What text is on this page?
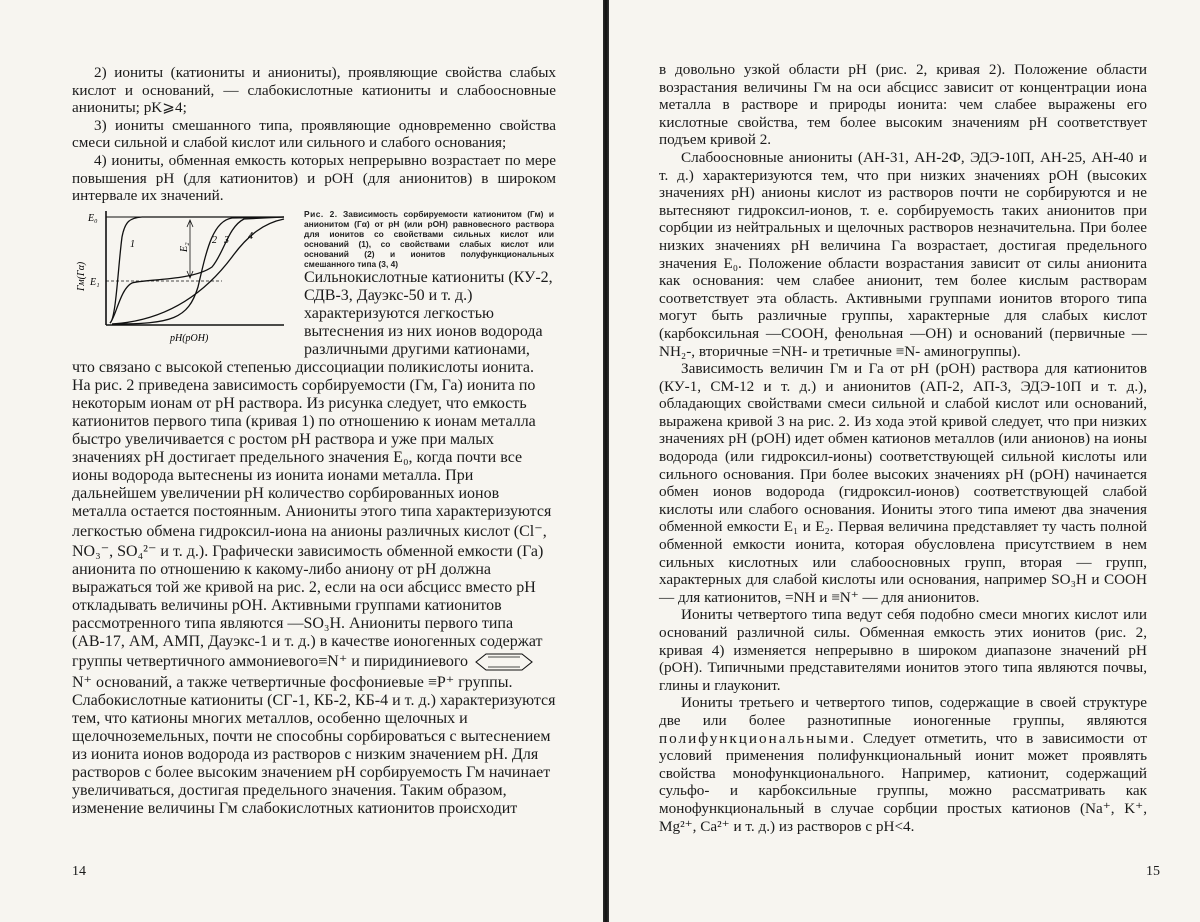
2) иониты (катиониты и аниониты), проявляющие свойства слабых кислот и оснований, — слабокислотные катиониты и слабоосновные аниониты; pK⩾4;

3) иониты смешанного типа, проявляющие одновременно свойства смеси сильной и слабой кислот или сильного и слабого основания;

4) иониты, обменная емкость которых непрерывно возрастает по мере повышения pH (для катионитов) и pOH (для анионитов) в широком интервале их значений.

E₀
E₁
E₂
1	2 3 4
Гм(Гα)
pH(pOH)

Рис. 2. Зависимость сорбируемости катионитом (Гм) и анионитом (Гα) от pH (или pOH) равновесного раствора для ионитов со свойствами сильных кислот или оснований (1), со свойствами слабых кислот или оснований (2) и ионитов полуфункциональных смешанного типа (3, 4)
Сильнокислотные катиониты (КУ-2, СДВ-3, Дауэкс-50 и т. д.) характеризуются легкостью вытеснения из них ионов водорода различными другими катионами, что связано с высокой степенью диссоциации поликислоты ионита. На рис. 2 приведена зависимость сорбируемости (Гм, Га) ионита по некоторым ионам от pH раствора. Из рисунка следует, что емкость катионитов первого типа (кривая 1) по отношению к ионам металла быстро увеличивается с ростом pH раствора и уже при малых значениях pH достигает предельного значения E₀, когда почти все ионы водорода вытеснены из ионита ионами металла. При дальнейшем увеличении pH количество сорбированных ионов металла остается постоянным. Аниониты этого типа характеризуются легкостью обмена гидроксил-иона на анионы различных кислот (Cl⁻, NO₃⁻, SO₄²⁻ и т. д.). Графически зависимость обменной емкости (Га) анионита по отношению к какому-либо аниону от pH должна выражаться той же кривой на рис. 2, если на оси абсцисс вместо pH откладывать величины pOH. Активными группами катионитов рассмотренного типа являются —SO₃H. Аниониты первого типа (АВ-17, АМ, АМП, Дауэкс-1 и т. д.) в качестве ионогенных содержат группы четвертичного аммониевого≡N⁺ и пиридиниевого N⁺ оснований, а также четвертичные фосфониевые ≡P⁺ группы. Слабокислотные катиониты (СГ-1, КБ-2, КБ-4 и т. д.) характеризуются тем, что катионы многих металлов, особенно щелочных и щелочноземельных, почти не способны сорбироваться с вытеснением из ионита ионов водорода из растворов с низким значением pH. Для растворов с более высоким значением pH сорбируемость Гм начинает увеличиваться, достигая предельного значения. Таким образом, изменение величины Гм слабокислотных катионитов происходит

14

в довольно узкой области pH (рис. 2, кривая 2). Положение области возрастания величины Гм на оси абсцисс зависит от концентрации иона металла в растворе и природы ионита: чем слабее выражены его кислотные свойства, тем более высоким значениям pH соответствует подъем кривой 2.

Слабоосновные аниониты (АН-31, АН-2Ф, ЭДЭ-10П, АН-25, АН-40 и т. д.) характеризуются тем, что при низких значениях pOH (высоких значениях pH) анионы кислот из растворов почти не сорбируются и не вытесняют гидроксил-ионов, т. е. сорбируемость таких анионитов при сорбции из нейтральных и щелочных растворов незначительна. При более низких значениях pH величина Га возрастает, достигая предельного значения E₀. Положение области возрастания зависит от силы анионита как основания: чем слабее анионит, тем более кислым растворам соответствует эта область. Активными группами ионитов второго типа могут быть различные группы, характерные для слабых кислот (карбоксильная —COOH, фенольная —OH) и оснований (первичные —NH₂-, вторичные =NH- и третичные ≡N- аминогруппы).

Зависимость величин Гм и Га от pH (pOH) раствора для катионитов (КУ-1, СМ-12 и т. д.) и анионитов (АП-2, АП-3, ЭДЭ-10П и т. д.), обладающих свойствами смеси сильной и слабой кислот или оснований, выражена кривой 3 на рис. 2. Из хода этой кривой следует, что при низких значениях pH (pOH) идет обмен катионов металлов (или анионов) на ионы водорода (или гидроксил-ионы) соответствующей сильной кислоты или сильного основания. При более высоких значениях pH (pOH) начинается обмен ионов водорода (гидроксил-ионов) соответствующей слабой кислоты или слабого основания. Иониты этого типа имеют два значения обменной емкости E₁ и E₂. Первая величина представляет ту часть полной обменной емкости ионита, которая обусловлена присутствием в нем сильных кислотных или слабоосновных групп, вторая — групп, характерных для слабой кислоты или основания, например SO₃H и COOH — для катионитов, =NH и ≡N⁺ — для анионитов.

Иониты четвертого типа ведут себя подобно смеси многих кислот или оснований различной силы. Обменная емкость этих ионитов (рис. 2, кривая 4) изменяется непрерывно в широком диапазоне значений pH (pOH). Типичными представителями ионитов этого типа являются почвы, глины и глауконит.

Иониты третьего и четвертого типов, содержащие в своей структуре две или более разнотипные ионогенные группы, являются полифункциональными. Следует отметить, что в зависимости от условий применения полифункциональный ионит может проявлять свойства монофункционального. Например, катионит, содержащий сульфо- и карбоксильные группы, можно рассматривать как монофункциональный в случае сорбции простых катионов (Na⁺, K⁺, Mg²⁺, Ca²⁺ и т. д.) из растворов с pH<4.

15
